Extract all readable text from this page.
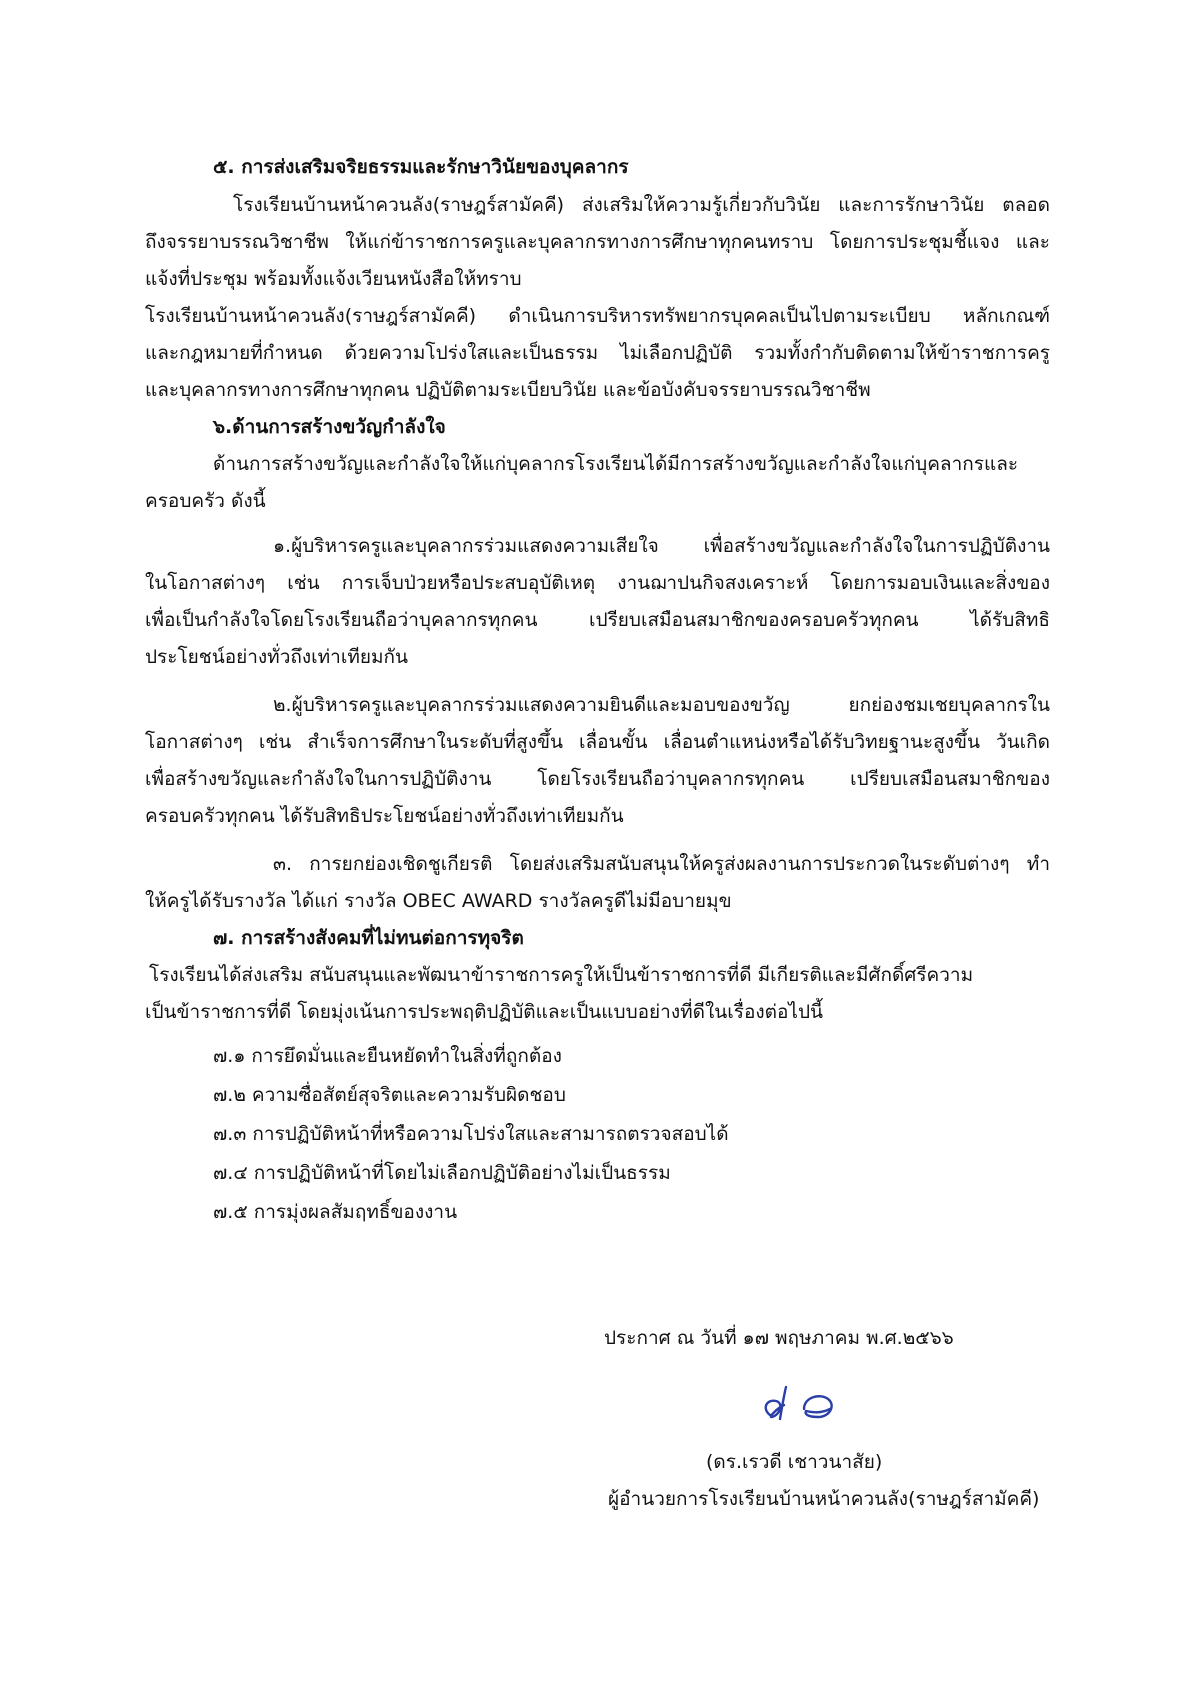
๕. การส่งเสริมจริยธรรมและรักษาวินัยของบุคลากร

โรงเรียนบ้านหน้าควนลัง(ราษฎร์สามัคคี) ส่งเสริมให้ความรู้เกี่ยวกับวินัย และการรักษาวินัย ตลอด

ถึงจรรยาบรรณวิชาชีพ ให้แก่ข้าราชการครูและบุคลากรทางการศึกษาทุกคนทราบ โดยการประชุมชี้แจง และ

แจ้งที่ประชุม พร้อมทั้งแจ้งเวียนหนังสือให้ทราบ

โรงเรียนบ้านหน้าควนลัง(ราษฎร์สามัคคี) ดำเนินการบริหารทรัพยากรบุคคลเป็นไปตามระเบียบ หลักเกณฑ์

และกฎหมายที่กำหนด ด้วยความโปร่งใสและเป็นธรรม ไม่เลือกปฏิบัติ รวมทั้งกำกับติดตามให้ข้าราชการครู

และบุคลากรทางการศึกษาทุกคน ปฏิบัติตามระเบียบวินัย และข้อบังคับจรรยาบรรณวิชาชีพ

๖.ด้านการสร้างขวัญกำลังใจ

ด้านการสร้างขวัญและกำลังใจให้แก่บุคลากรโรงเรียนได้มีการสร้างขวัญและกำลังใจแก่บุคลากรและ

ครอบครัว ดังนี้

๑.ผู้บริหารครูและบุคลากรร่วมแสดงความเสียใจ เพื่อสร้างขวัญและกำลังใจในการปฏิบัติงาน

ในโอกาสต่างๆ เช่น การเจ็บป่วยหรือประสบอุบัติเหตุ งานฌาปนกิจสงเคราะห์ โดยการมอบเงินและสิ่งของ

เพื่อเป็นกำลังใจโดยโรงเรียนถือว่าบุคลากรทุกคน เปรียบเสมือนสมาชิกของครอบครัวทุกคน ได้รับสิทธิ

ประโยชน์อย่างทั่วถึงเท่าเทียมกัน

๒.ผู้บริหารครูและบุคลากรร่วมแสดงความยินดีและมอบของขวัญ ยกย่องชมเชยบุคลากรใน

โอกาสต่างๆ เช่น สำเร็จการศึกษาในระดับที่สูงขึ้น เลื่อนขั้น เลื่อนตำแหน่งหรือได้รับวิทยฐานะสูงขึ้น วันเกิด

เพื่อสร้างขวัญและกำลังใจในการปฏิบัติงาน โดยโรงเรียนถือว่าบุคลากรทุกคน เปรียบเสมือนสมาชิกของ

ครอบครัวทุกคน ได้รับสิทธิประโยชน์อย่างทั่วถึงเท่าเทียมกัน

๓. การยกย่องเชิดชูเกียรติ โดยส่งเสริมสนับสนุนให้ครูส่งผลงานการประกวดในระดับต่างๆ ทำ

ให้ครูได้รับรางวัล ได้แก่ รางวัล OBEC AWARD รางวัลครูดีไม่มีอบายมุข

๗. การสร้างสังคมที่ไม่ทนต่อการทุจริต

โรงเรียนได้ส่งเสริม สนับสนุนและพัฒนาข้าราชการครูให้เป็นข้าราชการที่ดี มีเกียรติและมีศักดิ์ศรีความ

เป็นข้าราชการที่ดี โดยมุ่งเน้นการประพฤติปฏิบัติและเป็นแบบอย่างที่ดีในเรื่องต่อไปนี้

๗.๑ การยึดมั่นและยืนหยัดทำในสิ่งที่ถูกต้อง

๗.๒ ความซื่อสัตย์สุจริตและความรับผิดชอบ

๗.๓ การปฏิบัติหน้าที่หรือความโปร่งใสและสามารถตรวจสอบได้

๗.๔ การปฏิบัติหน้าที่โดยไม่เลือกปฏิบัติอย่างไม่เป็นธรรม

๗.๕ การมุ่งผลสัมฤทธิ์ของงาน

ประกาศ ณ วันที่ ๑๗ พฤษภาคม พ.ศ.๒๕๖๖

(ดร.เรวดี เชาวนาสัย)

ผู้อำนวยการโรงเรียนบ้านหน้าควนลัง(ราษฎร์สามัคคี)
